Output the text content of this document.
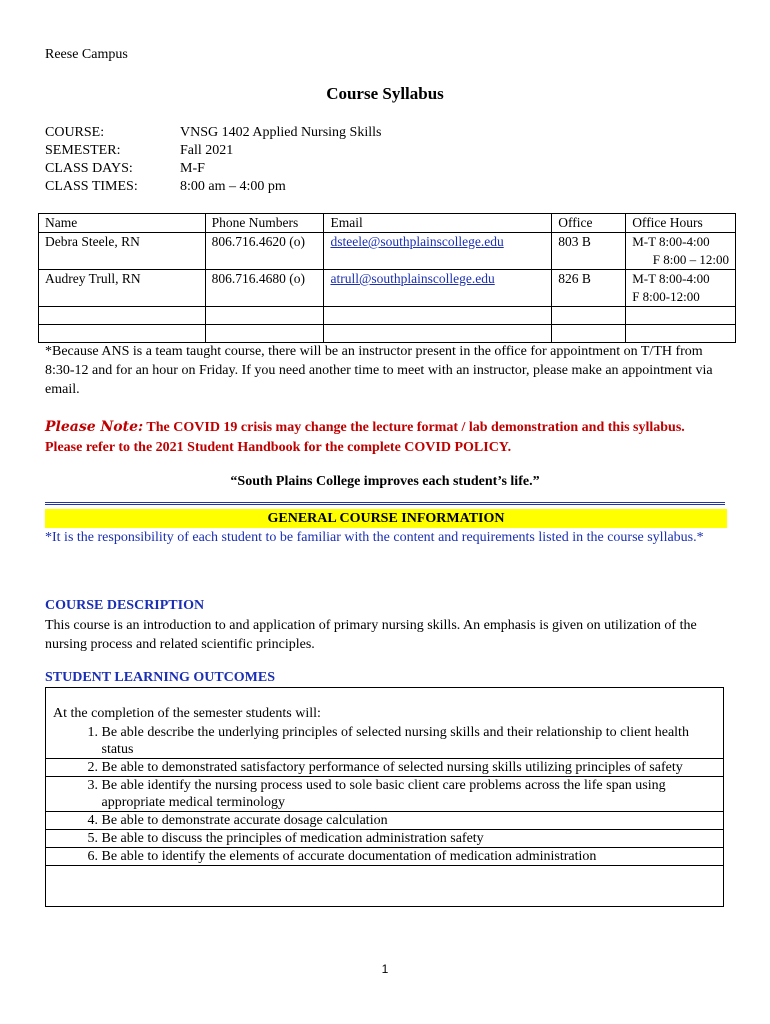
Reese Campus
Course Syllabus
COURSE:	VNSG 1402 Applied Nursing Skills
SEMESTER:	Fall 2021
CLASS DAYS:	M-F
CLASS TIMES:	8:00 am – 4:00 pm
Name	Phone Numbers	Email	Office	Office Hours
Debra Steele, RN	806.716.4620 (o)	dsteele@southplainscollege.edu	803 B	M-T 8:00-4:00
F 8:00 – 12:00

Audrey Trull, RN	806.716.4680 (o)	atrull@southplainscollege.edu	826 B	M-T 8:00-4:00
F 8:00-12:00

*Because ANS is a team taught course, there will be an instructor present in the office for appointment on T/TH from 8:30-12 and for an hour on Friday. If you need another time to meet with an instructor, please make an appointment via email.
Please Note: The COVID 19 crisis may change the lecture format / lab demonstration and this syllabus.
Please refer to the 2021 Student Handbook for the complete COVID POLICY.
“South Plains College improves each student’s life.”
GENERAL COURSE INFORMATION
*It is the responsibility of each student to be familiar with the content and requirements listed in the course syllabus.*
COURSE DESCRIPTION
This course is an introduction to and application of primary nursing skills. An emphasis is given on utilization of the nursing process and related scientific principles.
STUDENT LEARNING OUTCOMES
At the completion of the semester students will:
1.
Be able describe the underlying principles of selected nursing skills and their relationship to client health status
2.
Be able to demonstrated satisfactory performance of selected nursing skills utilizing principles of safety
3.
Be able identify the nursing process used to sole basic client care problems across the life span using appropriate medical terminology
4.
Be able to demonstrate accurate dosage calculation
5.
Be able to discuss the principles of medication administration safety
6.
Be able to identify the elements of accurate documentation of medication administration
1
